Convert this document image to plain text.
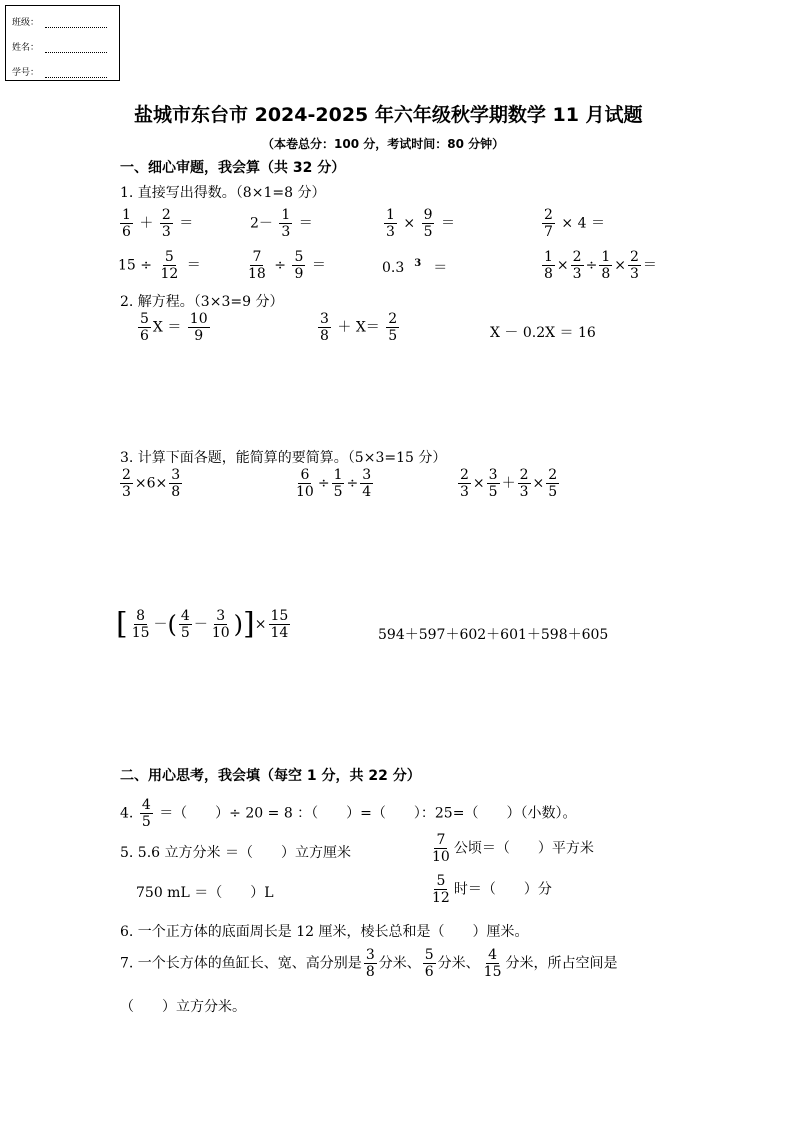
班级：
姓名：
学号：
盐城市东台市 2024-2025 年六年级秋学期数学 11 月试题
（本卷总分：100 分，考试时间：80 分钟）
一、细心审题，我会算（共 32 分）
1. 直接写出得数。（8×1=8 分）
$\frac{1}{6} + \frac{2}{3}$ ＝	$2- \frac{1}{3}$ ＝	$\frac{1}{3} \times \frac{9}{5}$ ＝	$\frac{2}{7} \times 4$ ＝
$15 \div \frac{5}{12}$ ＝	$\frac{7}{18} \div \frac{5}{9}$ ＝	0.3 $^3$ ＝	$\frac{1}{8} \times \frac{2}{3} \div \frac{1}{8} \times \frac{2}{3}$ ＝
2. 解方程。（3×3=9 分）
$\frac{5}{6}$ $X = \frac{10}{9}$	$\frac{3}{8} + X= \frac{2}{5}$	X － 0.2X ＝ 16
3. 计算下面各题，能简算的要简算。（5×3=15 分）
$\frac{2}{3} \times 6\times \frac{3}{8}$	$\frac{6}{10} \div \frac{1}{5} \div \frac{3}{4}$	$\frac{2}{3} \times \frac{3}{5} + \frac{2}{3} \times \frac{2}{5}$
[ $\frac{8}{15}$ －( $\frac{4}{5} - \frac{3}{10}$ )]× $\frac{15}{14}$	594＋597＋602＋601＋598＋605
二、用心思考，我会填（每空 1 分，共 22 分）
4. $\frac{4}{5}$ ＝（　　）÷ 20 = 8 ：（　　）=（　　）：25=（　　）（小数）。
5. 5.6 立方分米 ＝（　　）立方厘米	$\frac{7}{10}$ 公顷＝（　　）平方米
750 mL ＝（　　）L	$\frac{5}{12}$ 时＝（　　）分
6. 一个正方体的底面周长是 12 厘米，棱长总和是（　　）厘米。
7. 一个长方体的鱼缸长、宽、高分别是 $\frac{3}{8}$ 分米、 $\frac{5}{6}$ 分米、 $\frac{4}{15}$ 分米，所占空间是
（　　）立方分米。
